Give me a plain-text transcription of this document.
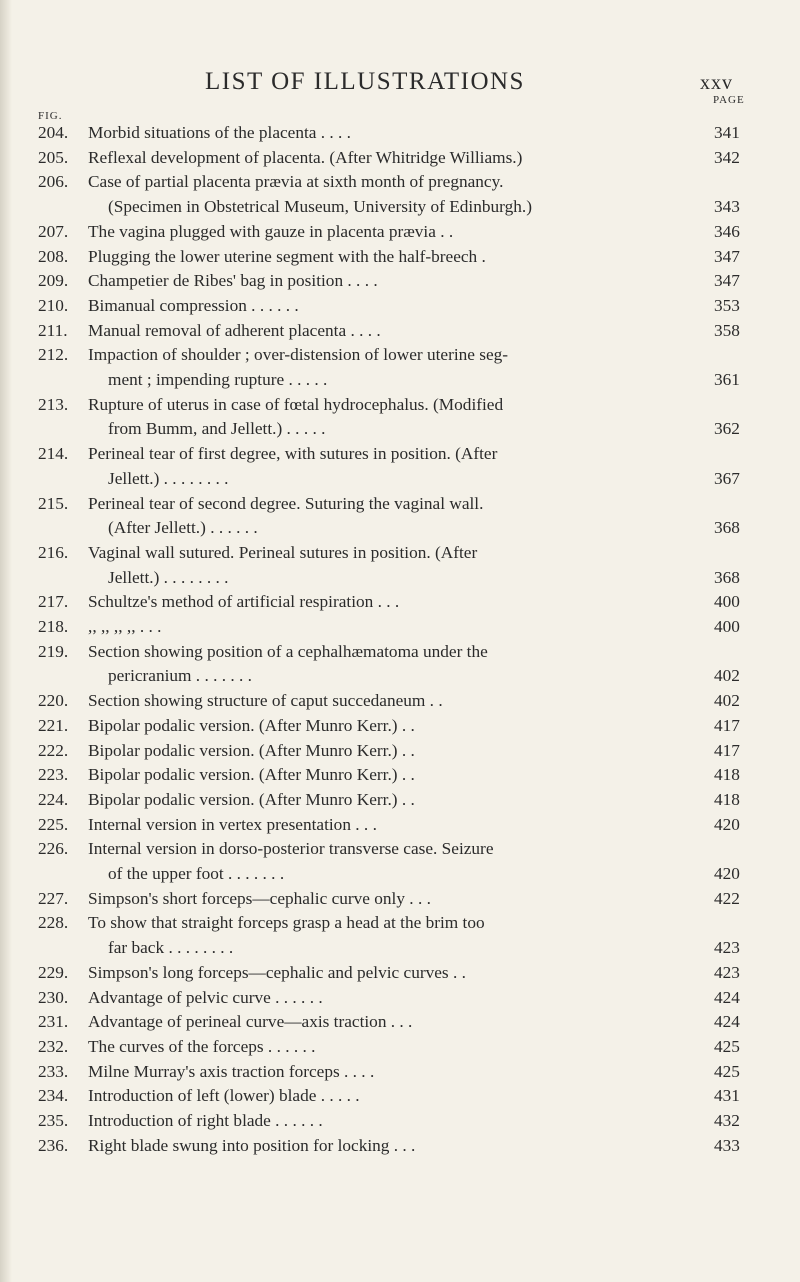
LIST OF ILLUSTRATIONS	xxv
FIG.
PAGE
204. Morbid situations of the placenta . . . .	341
205. Reflexal development of placenta. (After Whitridge Williams.)	342
206. Case of partial placenta prævia at sixth month of pregnancy.
(Specimen in Obstetrical Museum, University of Edinburgh.)	343
207. The vagina plugged with gauze in placenta prævia . .	346
208. Plugging the lower uterine segment with the half-breech .	347
209. Champetier de Ribes' bag in position . . . .	347
210. Bimanual compression . . . . . .	353
211. Manual removal of adherent placenta . . . .	358
212. Impaction of shoulder ; over-distension of lower uterine seg-
ment ; impending rupture . . . . .	361
213. Rupture of uterus in case of fœtal hydrocephalus. (Modified
from Bumm, and Jellett.) . . . . .	362
214. Perineal tear of first degree, with sutures in position. (After
Jellett.) . . . . . . . .	367
215. Perineal tear of second degree. Suturing the vaginal wall.
(After Jellett.) . . . . . .	368
216. Vaginal wall sutured. Perineal sutures in position. (After
Jellett.) . . . . . . . .	368
217. Schultze's method of artificial respiration . . .	400
218. ,, ,, ,, ,, . . .	400
219. Section showing position of a cephalhæmatoma under the
pericranium . . . . . . .	402
220. Section showing structure of caput succedaneum . .	402
221. Bipolar podalic version. (After Munro Kerr.) . .	417
222. Bipolar podalic version. (After Munro Kerr.) . .	417
223. Bipolar podalic version. (After Munro Kerr.) . .	418
224. Bipolar podalic version. (After Munro Kerr.) . .	418
225. Internal version in vertex presentation . . .	420
226. Internal version in dorso-posterior transverse case. Seizure
of the upper foot . . . . . . .	420
227. Simpson's short forceps—cephalic curve only . . .	422
228. To show that straight forceps grasp a head at the brim too
far back . . . . . . . .	423
229. Simpson's long forceps—cephalic and pelvic curves . .	423
230. Advantage of pelvic curve . . . . . .	424
231. Advantage of perineal curve—axis traction . . .	424
232. The curves of the forceps . . . . . .	425
233. Milne Murray's axis traction forceps . . . .	425
234. Introduction of left (lower) blade . . . . .	431
235. Introduction of right blade . . . . . .	432
236. Right blade swung into position for locking . . .	433
